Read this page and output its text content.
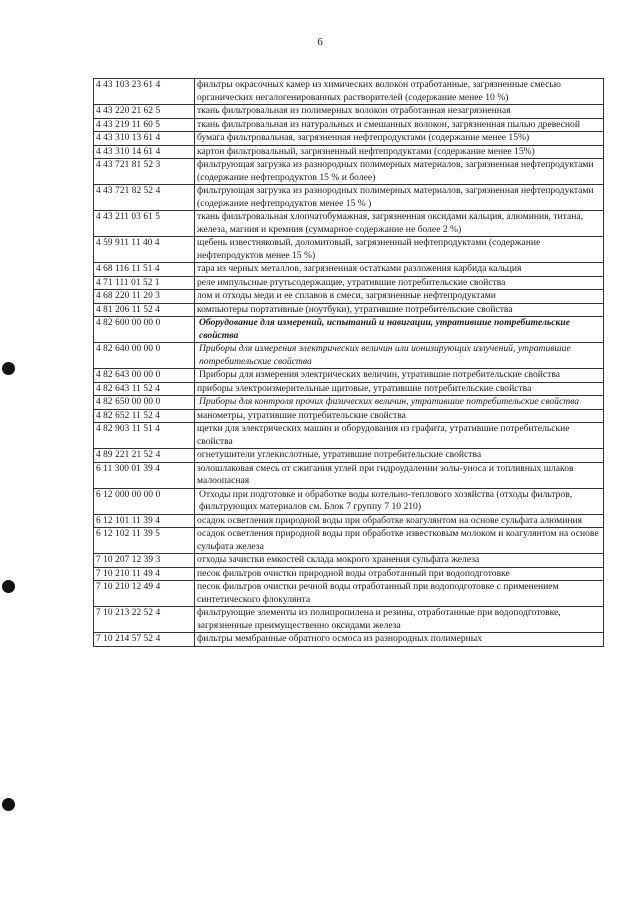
6
4 43 103 23 61 4	фильтры окрасочных камер из химических волокон отработанные, загрязненные смесью органических негалогенированных растворителей (содержание менее 10 %)
4 43 220 21 62 5	ткань фильтровальная из полимерных волокон отработанная незагрязненная
4 43 219 11 60 5	ткань фильтровальная из натуральных и смешанных волокон, загрязненная пылью древесной
4 43 310 13 61 4	бумага фильтровальная, загрязненная нефтепродуктами (содержание менее 15%)
4 43 310 14 61 4	картон фильтровальный, загрязненный нефтепродуктами (содержание менее 15%)
4 43 721 81 52 3	фильтрующая загрузка из разнородных полимерных материалов, загрязненная нефтепродуктами (содержание нефтепродуктов 15 % и более)
4 43 721 82 52 4	фильтрующая загрузка из разнородных полимерных материалов, загрязненная нефтепродуктами (содержание нефтепродуктов менее 15 % )
4 43 211 03 61 5	ткань фильтровальная хлопчатобумажная, загрязненная оксидами кальция, алюминия, титана, железа, магния и кремния (суммарное содержание не более 2 %)
4 59 911 11 40 4	щебень известняковый, доломитовый, загрязненный нефтепродуктами (содержание нефтепродуктов менее 15 %)
4 68 116 11 51 4	тара из черных металлов, загрязненная остатками разложения карбида кальция
4 71 111 01 52 1	реле импульсные ртутьсодержащие, утратившие потребительские свойства
4 68 220 11 20 3	лом и отходы меди и ее сплавов в смеси, загрязненные нефтепродуктами
4 81 206 11 52 4	компьютеры портативные (ноутбуки), утратившие потребительские свойства
4 82 600 00 00 0	Оборудование для измерений, испытаний и навигации, утратившие потребительские свойства
4 82 640 00 00 0	Приборы для измерения электрических величин или ионизирующих излучений, утратившие потребительские свойства
4 82 643 00 00 0	Приборы для измерения электрических величин, утратившие потребительские свойства
4 82 643 11 52 4	приборы электроизмерительные щитовые, утратившие потребительские свойства
4 82 650 00 00 0	Приборы для контроля прочих физических величин, утратившие потребительские свойства
4 82 652 11 52 4	манометры, утратившие потребительские свойства
4 82 903 11 51 4	щетки для электрических машин и оборудования из графита, утратившие потребительские свойства
4 89 221 21 52 4	огнетушители углекислотные, утратившие потребительские свойства
6 11 300 01 39 4	золошлаковая смесь от сжигания углей при гидроудалении золы-уноса и топливных шлаков малоопасная
6 12 000 00 00 0	Отходы при подготовке и обработке воды котельно-теплового хозяйства (отходы фильтров, фильтрующих материалов см. Блок 7 группу 7 10 210)
6 12 101 11 39 4	осадок осветления природной воды при обработке коагулянтом на основе сульфата алюминия
6 12 102 11 39 5	осадок осветления природной воды при обработке известковым молоком и коагулянтом на основе сульфата железа
7 10 207 12 39 3	отходы зачистки емкостей склада мокрого хранения сульфата железа
7 10 210 11 49 4	песок фильтров очистки природной воды отработанный при водоподготовке
7 10 210 12 49 4	песок фильтров очистки речной воды отработанный при водоподготовке с применением синтетического флокулянта
7 10 213 22 52 4	фильтрующие элементы из полипропилена и резины, отработанные при водоподготовке, загрязненные преимущественно оксидами железа
7 10 214 57 52 4	фильтры мембранные обратного осмоса из разнородных полимерных
